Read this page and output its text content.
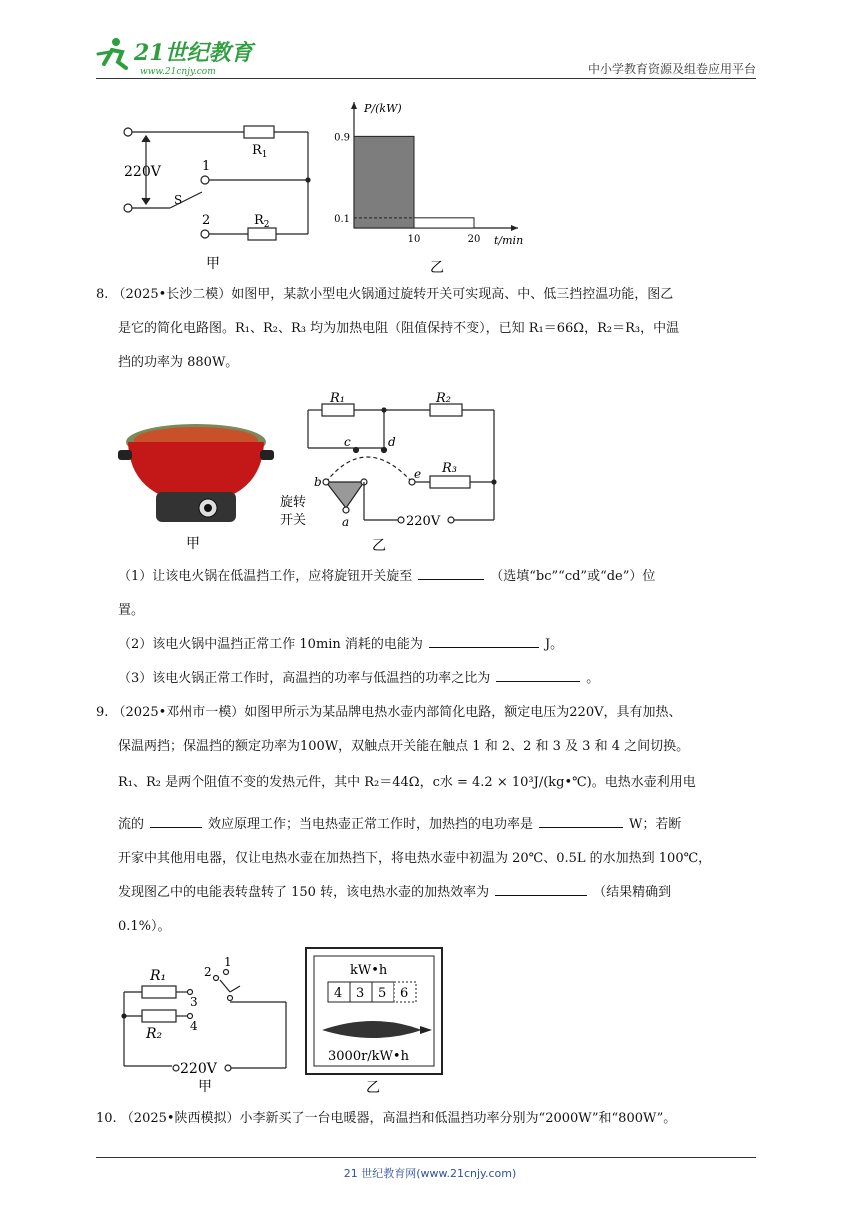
21世纪教育
www.21cnjy.com	中小学教育资源及组卷应用平台
220V
S
1
2
$R_1$
$R_2$
甲
0.9
0.1
10	20
P/(kW)
t/min
乙
8. （2025•长沙二模）如图甲，某款小型电火锅通过旋转开关可实现高、中、低三挡控温功能，图乙
是它的简化电路图。R₁、R₂、R₃ 均为加热电阻（阻值保持不变），已知 R₁＝66Ω，R₂＝R₃，中温
挡的功率为 880W。
甲
R₁	R₂
R₃
c	d
e
b
a
旋转
开关	220V
乙
（1）让该电火锅在低温挡工作，应将旋钮开关旋至	（选填“bc”“cd”或“de”）位
置。
（2）该电火锅中温挡正常工作 10min 消耗的电能为	J。
（3）该电火锅正常工作时，高温挡的功率与低温挡的功率之比为	。
9. （2025•邓州市一模）如图甲所示为某品牌电热水壶内部简化电路，额定电压为220V，具有加热、
保温两挡；保温挡的额定功率为100W，双触点开关能在触点 1 和 2、2 和 3 及 3 和 4 之间切换。
R₁、R₂ 是两个阻值不变的发热元件，其中 R₂＝44Ω，c水 = 4.2 × 10³J/(kg•℃)。电热水壶利用电
流的	效应原理工作；当电热壶正常工作时，加热挡的电功率是	W；若断
开家中其他用电器，仅让电热水壶在加热挡下，将电热水壶中初温为 20℃、0.5L 的水加热到 100℃，
发现图乙中的电能表转盘转了 150 转，该电热水壶的加热效率为	（结果精确到
0.1%）。
R₁
R₂
2
1
3
4
220V
甲
kW•h
4 3 5 6
3000r/kW•h
乙
10. （2025•陕西模拟）小李新买了一台电暖器，高温挡和低温挡功率分别为“2000W”和“800W”。
21 世纪教育网(www.21cnjy.com)
